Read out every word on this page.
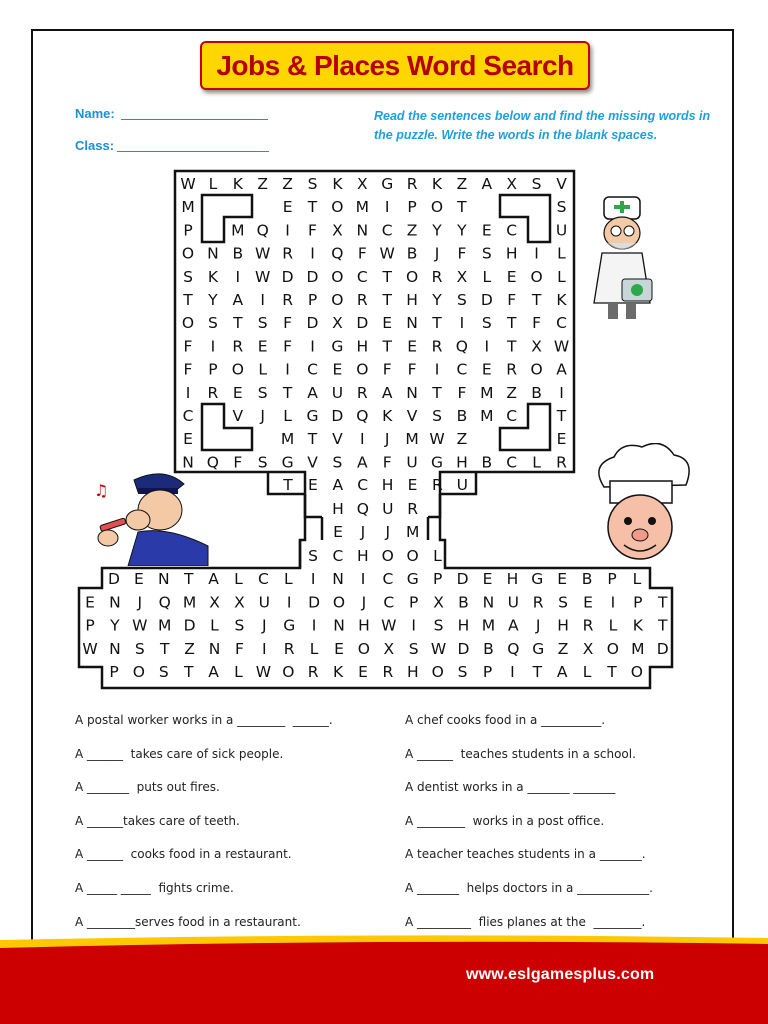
Jobs & Places Word Search
Name:
Class:
Read the sentences below and find the missing words in the puzzle. Write the words in the blank spaces.
W L K Z Z S K X G R K Z A X S V
M	E T O M I P O T	S
P M Q I F X N C Z Y Y E C U
O N B W R I Q F W B J F S H I L
S K I W D D O C T O R X L E O L
T Y A I R P O R T H Y S D F T K
O S T S F D X D E N T I S T F C
F I R E F I G H T E R Q I T X W
F P O L I C E O F F I C E R O A
I R E S T A U R A N T F M Z B I
C	V J L G D Q K V S B M C	T
E	M T V I J M W Z	E
N Q F S G V S A F U G H B C L R
T E A C H E R U
H Q U R
E J J M
S C H O O L
D E N T A L C L I N I C G P D E H G E B P L
E N J Q M X X U I D O J C P X B N U R S E I P T
P Y W M D L S J G I N H W I S H M A J H R L K T
W N S T Z N F I R L E O X S W D B Q G Z X O M D
P O S T A L W O R K E R H O S P I T A L T O
♫
A postal worker works in a ________  ______.
A ______  takes care of sick people.
A _______  puts out fires.
A ______takes care of teeth.
A ______  cooks food in a restaurant.
A _____ _____  fights crime.
A ________serves food in a restaurant.
A chef cooks food in a __________.
A ______  teaches students in a school.
A dentist works in a _______ _______
A ________  works in a post office.
A teacher teaches students in a _______.
A _______  helps doctors in a ____________.
A _________  flies planes at the  ________.
www.eslgamesplus.com
